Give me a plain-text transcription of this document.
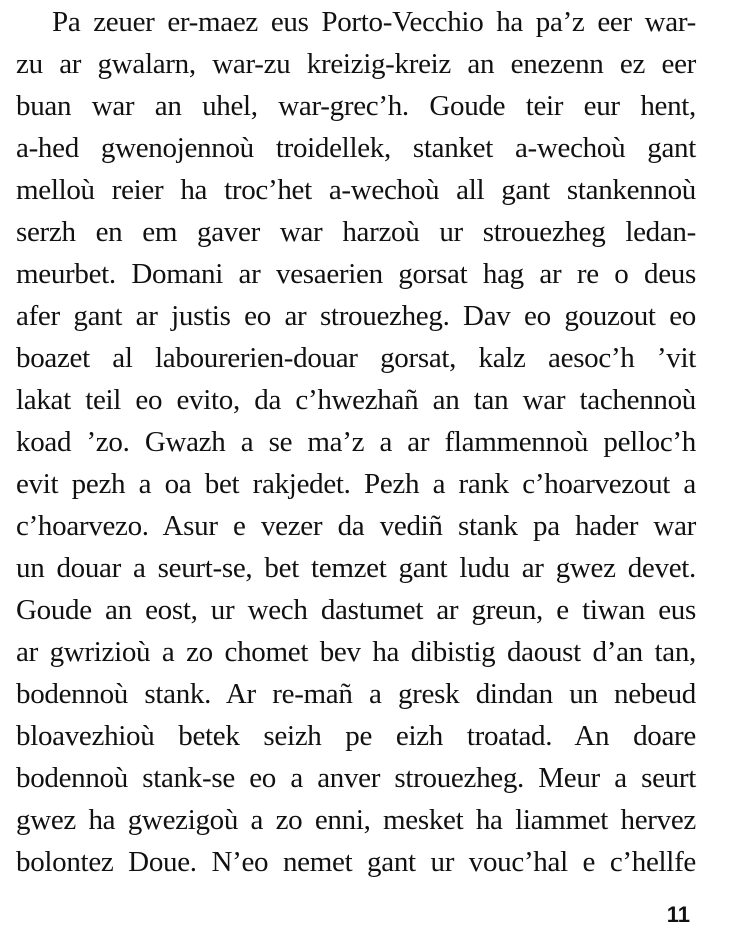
Pa zeuer er-maez eus Porto-Vecchio ha pa’z eer war-
zu ar gwalarn, war-zu kreizig-kreiz an enezenn ez eer
buan war an uhel, war-grec’h. Goude teir eur hent,
a-hed gwenojennoù troidellek, stanket a-wechoù gant
melloù reier ha troc’het a-wechoù all gant stankennoù
serzh en em gaver war harzoù ur strouezheg ledan-
meurbet. Domani ar vesaerien gorsat hag ar re o deus
afer gant ar justis eo ar strouezheg. Dav eo gouzout eo
boazet al labourerien-douar gorsat, kalz aesoc’h ’vit
lakat teil eo evito, da c’hwezhañ an tan war tachennoù
koad ’zo. Gwazh a se ma’z a ar flammennoù pelloc’h
evit pezh a oa bet rakjedet. Pezh a rank c’hoarvezout a
c’hoarvezo. Asur e vezer da vediñ stank pa hader war
un douar a seurt-se, bet temzet gant ludu ar gwez devet.
Goude an eost, ur wech dastumet ar greun, e tiwan eus
ar gwrizioù a zo chomet bev ha dibistig daoust d’an tan,
bodennoù stank. Ar re-mañ a gresk dindan un nebeud
bloavezhioù betek seizh pe eizh troatad. An doare
bodennoù stank-se eo a anver strouezheg. Meur a seurt
gwez ha gwezigoù a zo enni, mesket ha liammet hervez
bolontez Doue. N’eo nemet gant ur vouc’hal e c’hellfe
11
